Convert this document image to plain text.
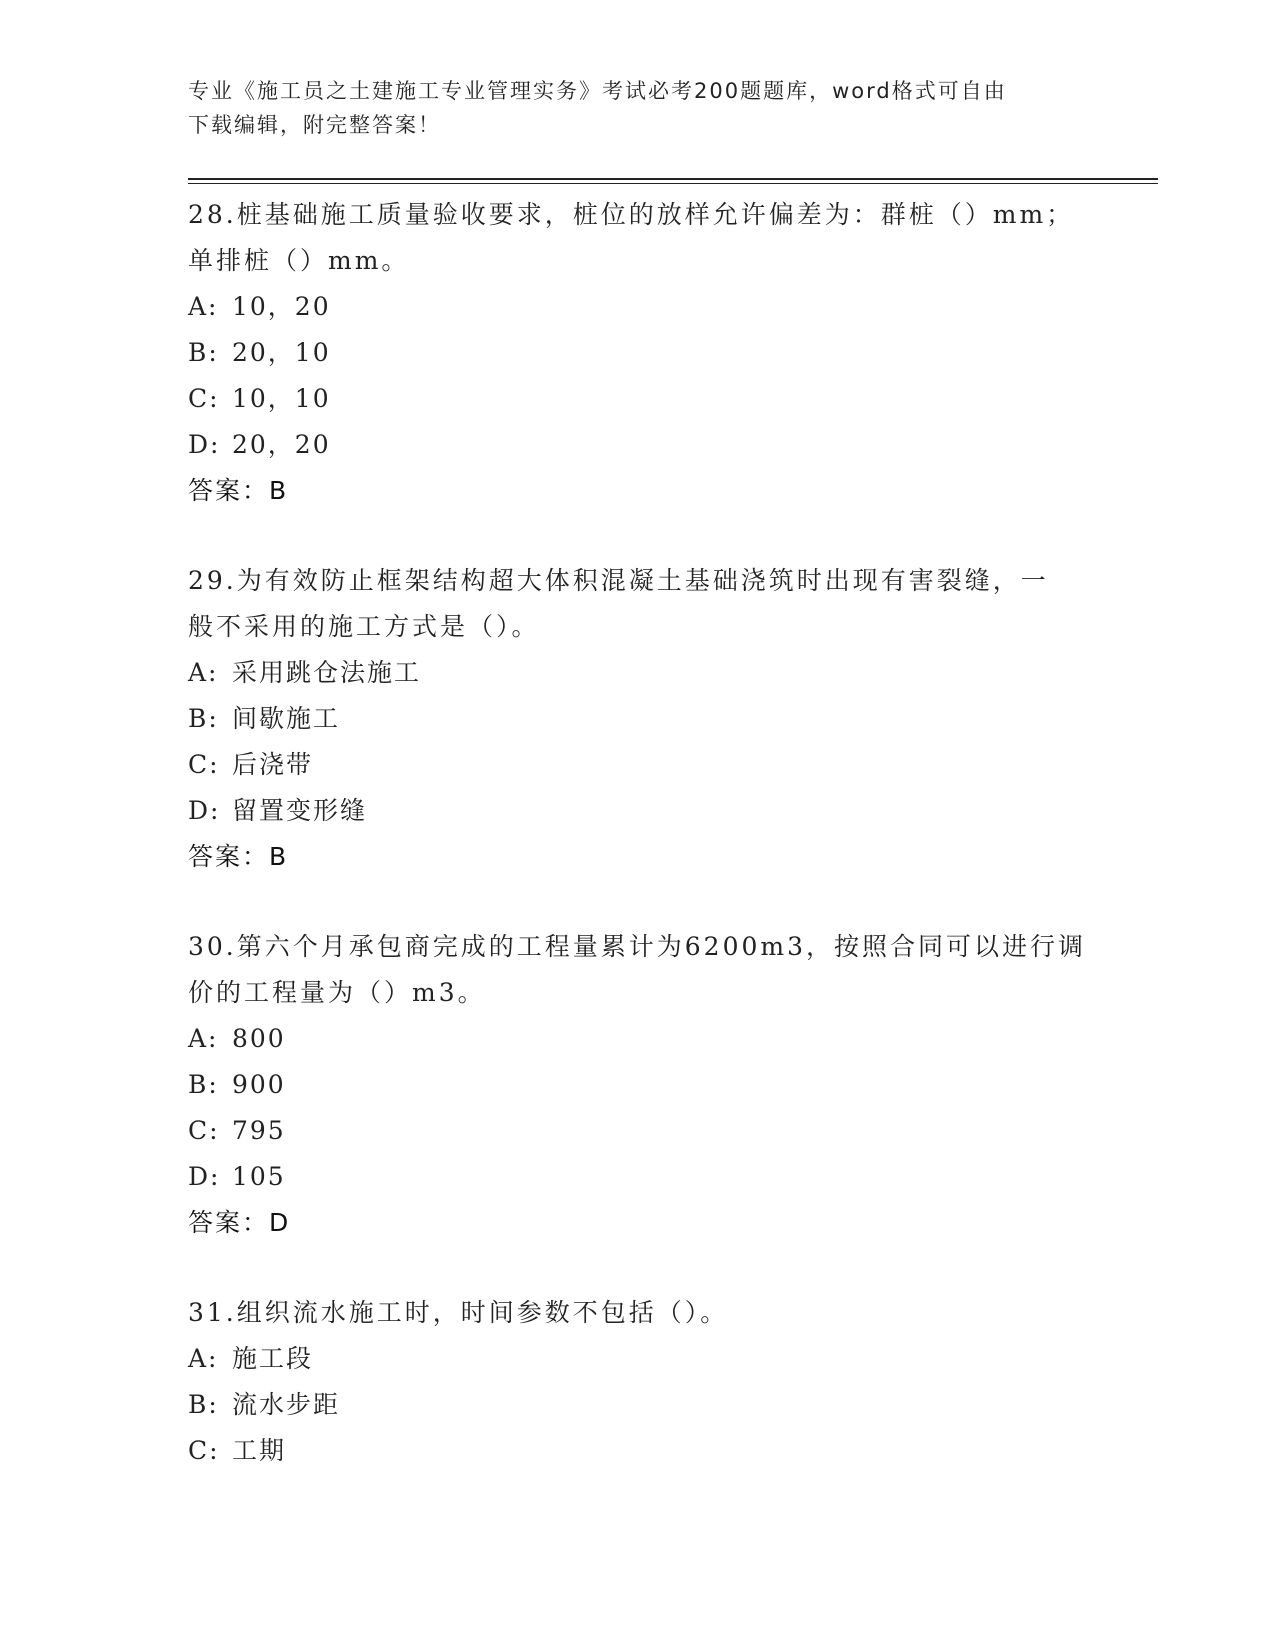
专业《施工员之土建施工专业管理实务》考试必考200题题库，word格式可自由
下载编辑，附完整答案！

28.桩基础施工质量验收要求，桩位的放样允许偏差为：群桩（）mm；

单排桩（）mm。

A: 10，20
B: 20，10
C: 10，10
D: 20，20
答案：B

29.为有效防止框架结构超大体积混凝土基础浇筑时出现有害裂缝，一

般不采用的施工方式是（）。

A: 采用跳仓法施工
B: 间歇施工
C: 后浇带
D: 留置变形缝
答案：B

30.第六个月承包商完成的工程量累计为6200m3，按照合同可以进行调

价的工程量为（）m3。

A: 800
B: 900
C: 795
D: 105
答案：D

31.组织流水施工时，时间参数不包括（）。

A: 施工段
B: 流水步距
C: 工期
